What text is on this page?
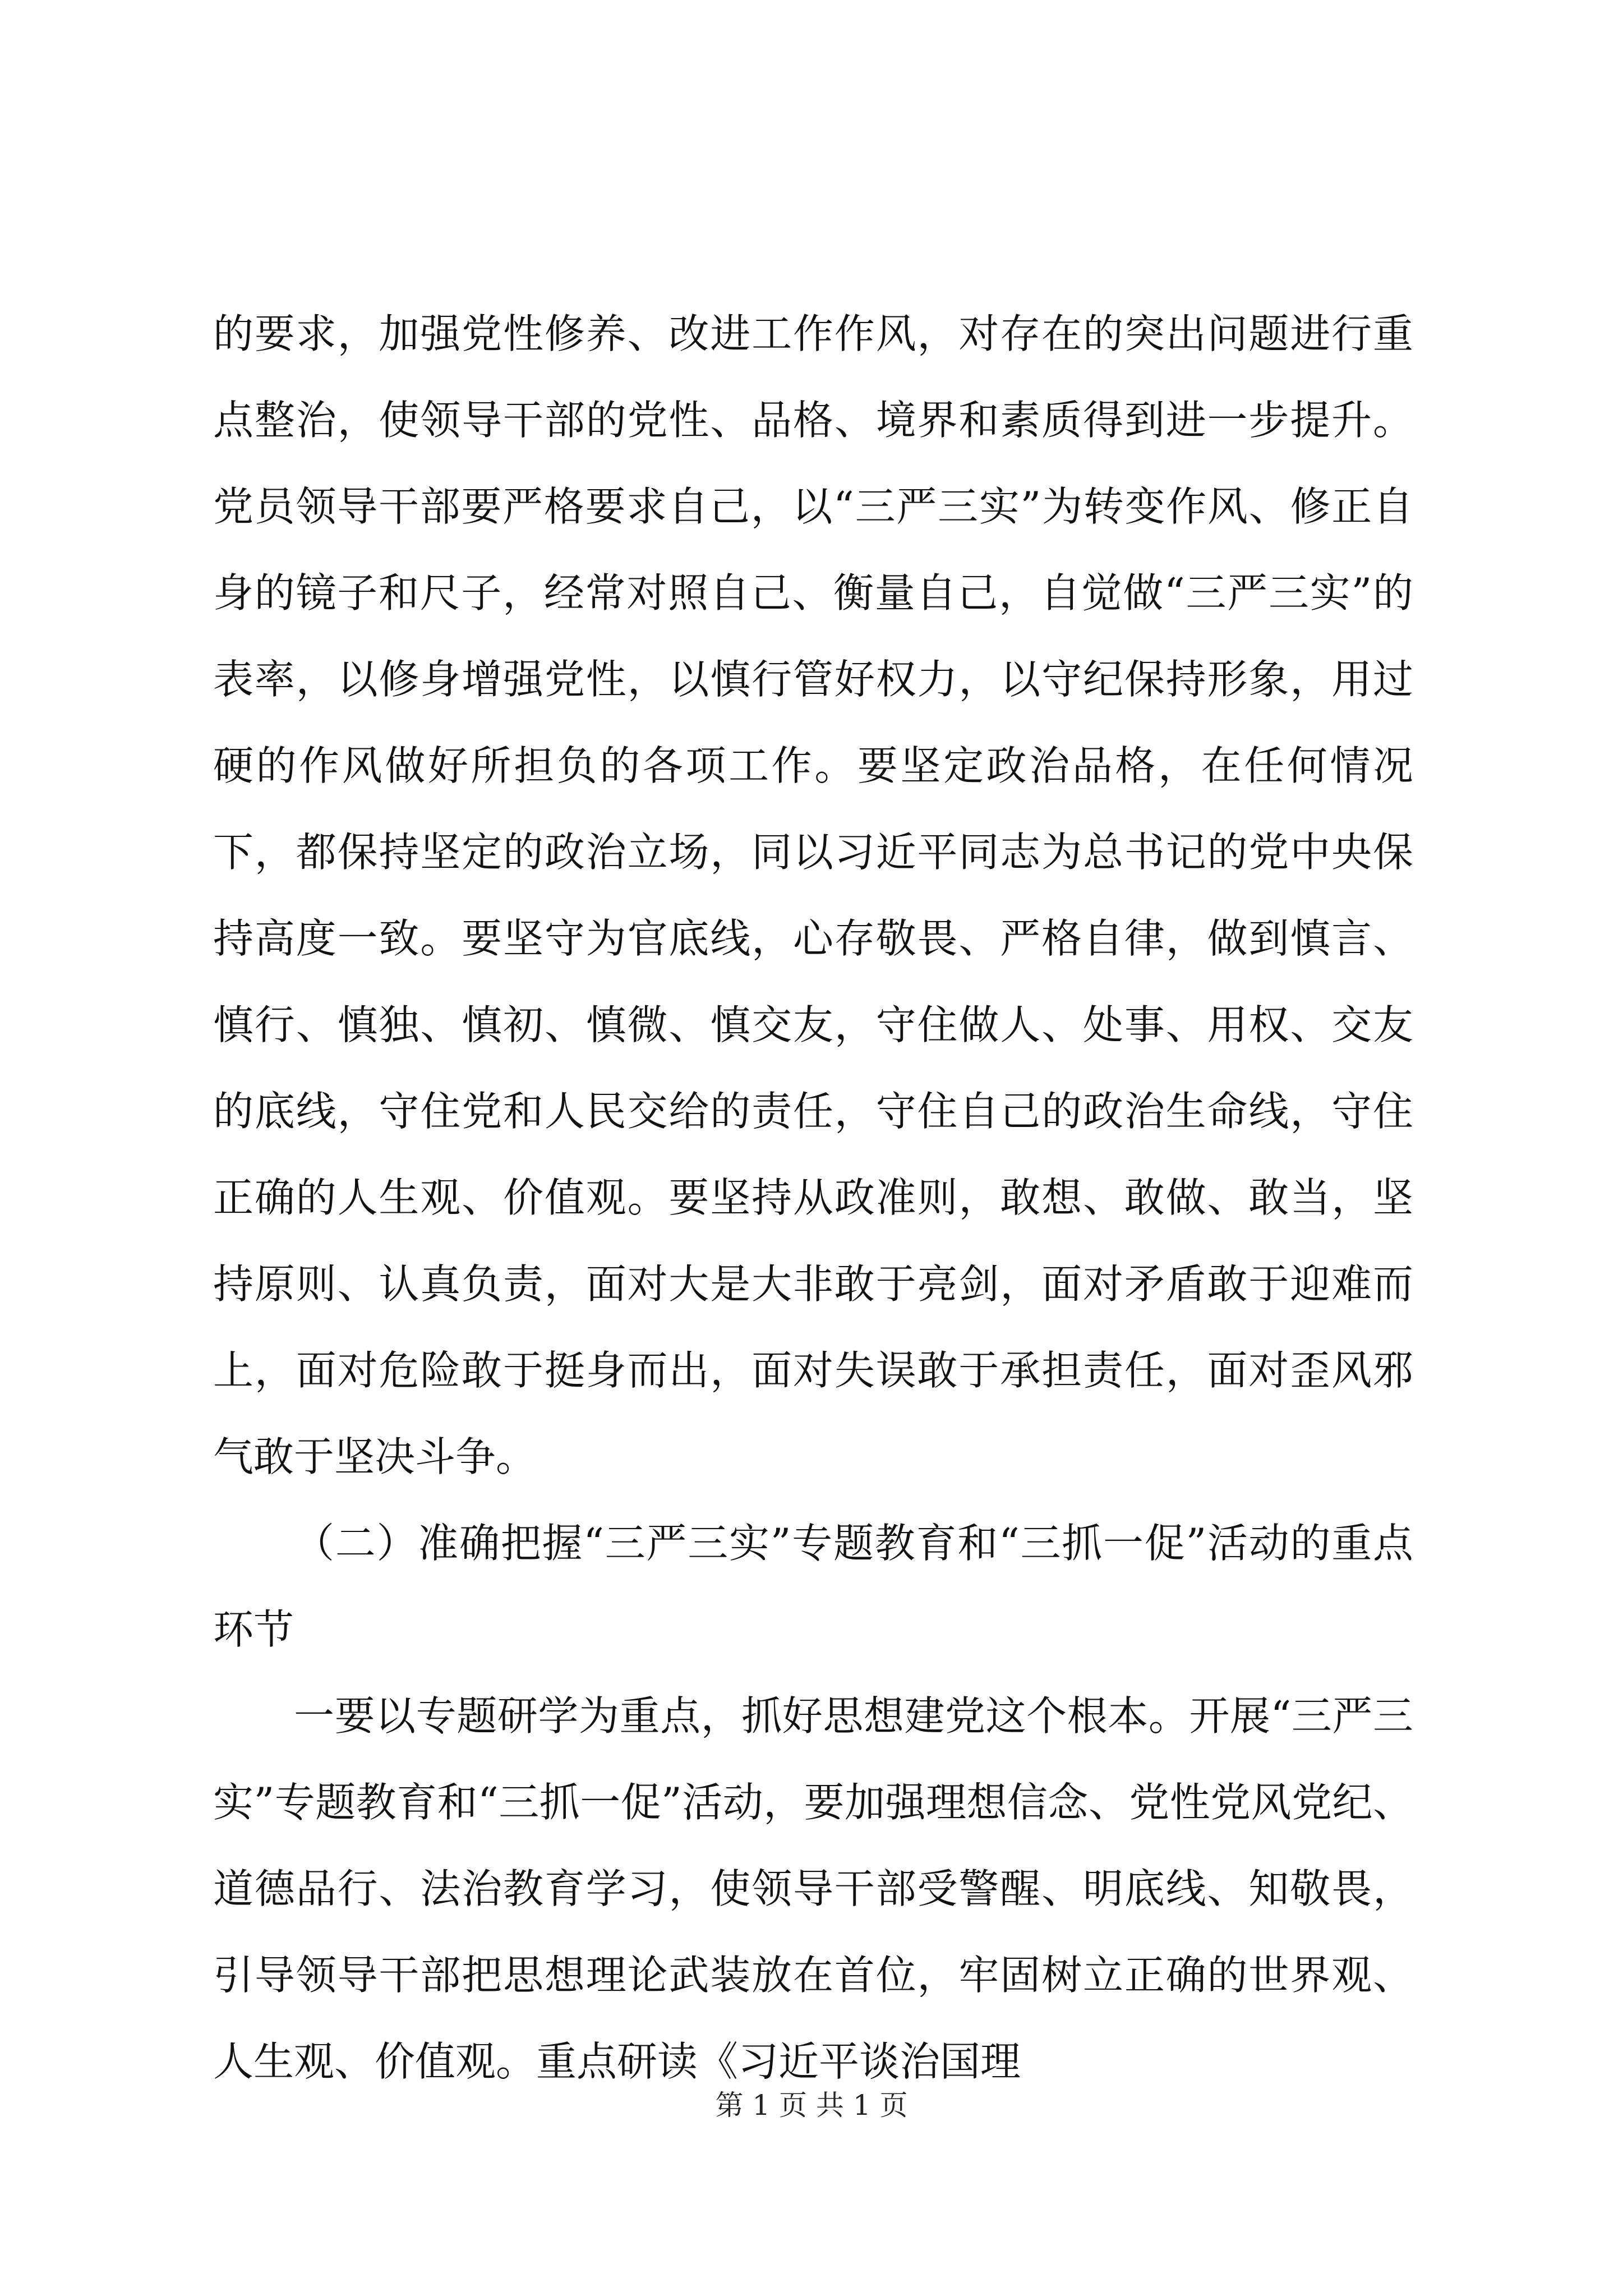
的要求，加强党性修养、改进工作作风，对存在的突出问题进行重点整治，使领导干部的党性、品格、境界和素质得到进一步提升。党员领导干部要严格要求自己，以“三严三实”为转变作风、修正自身的镜子和尺子，经常对照自己、衡量自己，自觉做“三严三实”的表率，以修身增强党性，以慎行管好权力，以守纪保持形象，用过硬的作风做好所担负的各项工作。要坚定政治品格，在任何情况下，都保持坚定的政治立场，同以习近平同志为总书记的党中央保持高度一致。要坚守为官底线，心存敬畏、严格自律，做到慎言、慎行、慎独、慎初、慎微、慎交友，守住做人、处事、用权、交友的底线，守住党和人民交给的责任，守住自己的政治生命线，守住正确的人生观、价值观。要坚持从政准则，敢想、敢做、敢当，坚持原则、认真负责，面对大是大非敢于亮剑，面对矛盾敢于迎难而上，面对危险敢于挺身而出，面对失误敢于承担责任，面对歪风邪气敢于坚决斗争。

（二）准确把握“三严三实”专题教育和“三抓一促”活动的重点环节

一要以专题研学为重点，抓好思想建党这个根本。开展“三严三实”专题教育和“三抓一促”活动，要加强理想信念、党性党风党纪、道德品行、法治教育学习，使领导干部受警醒、明底线、知敬畏，引导领导干部把思想理论武装放在首位，牢固树立正确的世界观、人生观、价值观。重点研读《习近平谈治国理

第 1 页 共 1 页
